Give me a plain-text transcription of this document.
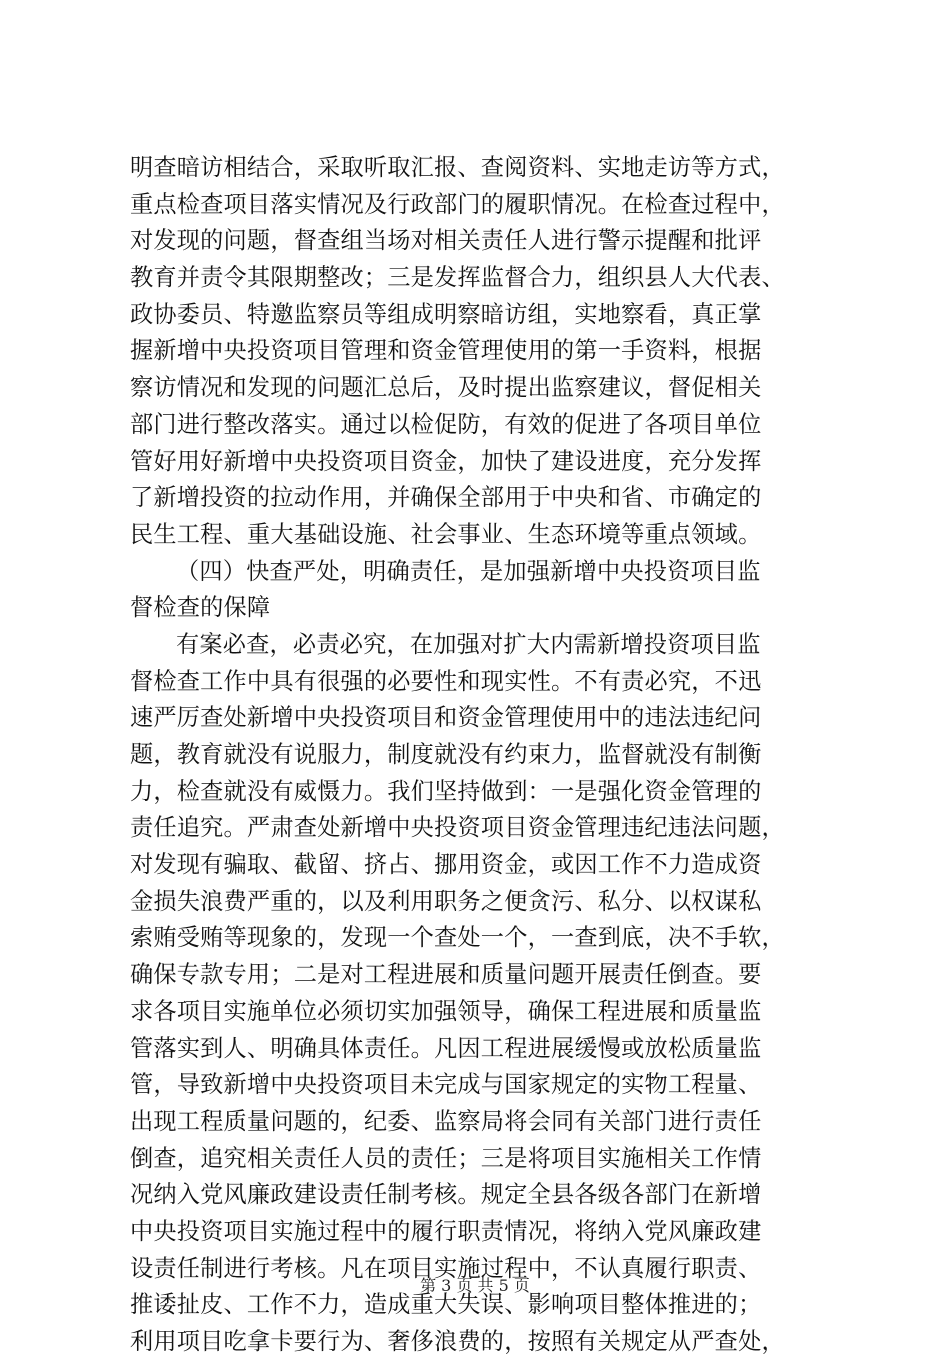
明查暗访相结合，采取听取汇报、查阅资料、实地走访等方式，
重点检查项目落实情况及行政部门的履职情况。在检查过程中，
对发现的问题，督查组当场对相关责任人进行警示提醒和批评
教育并责令其限期整改；三是发挥监督合力，组织县人大代表、
政协委员、特邀监察员等组成明察暗访组，实地察看，真正掌
握新增中央投资项目管理和资金管理使用的第一手资料，根据
察访情况和发现的问题汇总后，及时提出监察建议，督促相关
部门进行整改落实。通过以检促防，有效的促进了各项目单位
管好用好新增中央投资项目资金，加快了建设进度，充分发挥
了新增投资的拉动作用，并确保全部用于中央和省、市确定的
民生工程、重大基础设施、社会事业、生态环境等重点领域。
（四）快查严处，明确责任，是加强新增中央投资项目监
督检查的保障
有案必查，必责必究，在加强对扩大内需新增投资项目监
督检查工作中具有很强的必要性和现实性。不有责必究，不迅
速严厉查处新增中央投资项目和资金管理使用中的违法违纪问
题，教育就没有说服力，制度就没有约束力，监督就没有制衡
力，检查就没有威慑力。我们坚持做到：一是强化资金管理的
责任追究。严肃查处新增中央投资项目资金管理违纪违法问题，
对发现有骗取、截留、挤占、挪用资金，或因工作不力造成资
金损失浪费严重的，以及利用职务之便贪污、私分、以权谋私
索贿受贿等现象的，发现一个查处一个，一查到底，决不手软，
确保专款专用；二是对工程进展和质量问题开展责任倒查。要
求各项目实施单位必须切实加强领导，确保工程进展和质量监
管落实到人、明确具体责任。凡因工程进展缓慢或放松质量监
管，导致新增中央投资项目未完成与国家规定的实物工程量、
出现工程质量问题的，纪委、监察局将会同有关部门进行责任
倒查，追究相关责任人员的责任；三是将项目实施相关工作情
况纳入党风廉政建设责任制考核。规定全县各级各部门在新增
中央投资项目实施过程中的履行职责情况，将纳入党风廉政建
设责任制进行考核。凡在项目实施过程中，不认真履行职责、
推诿扯皮、工作不力，造成重大失误、影响项目整体推进的；
利用项目吃拿卡要行为、奢侈浪费的，按照有关规定从严查处，
第 3 页 共 5 页
